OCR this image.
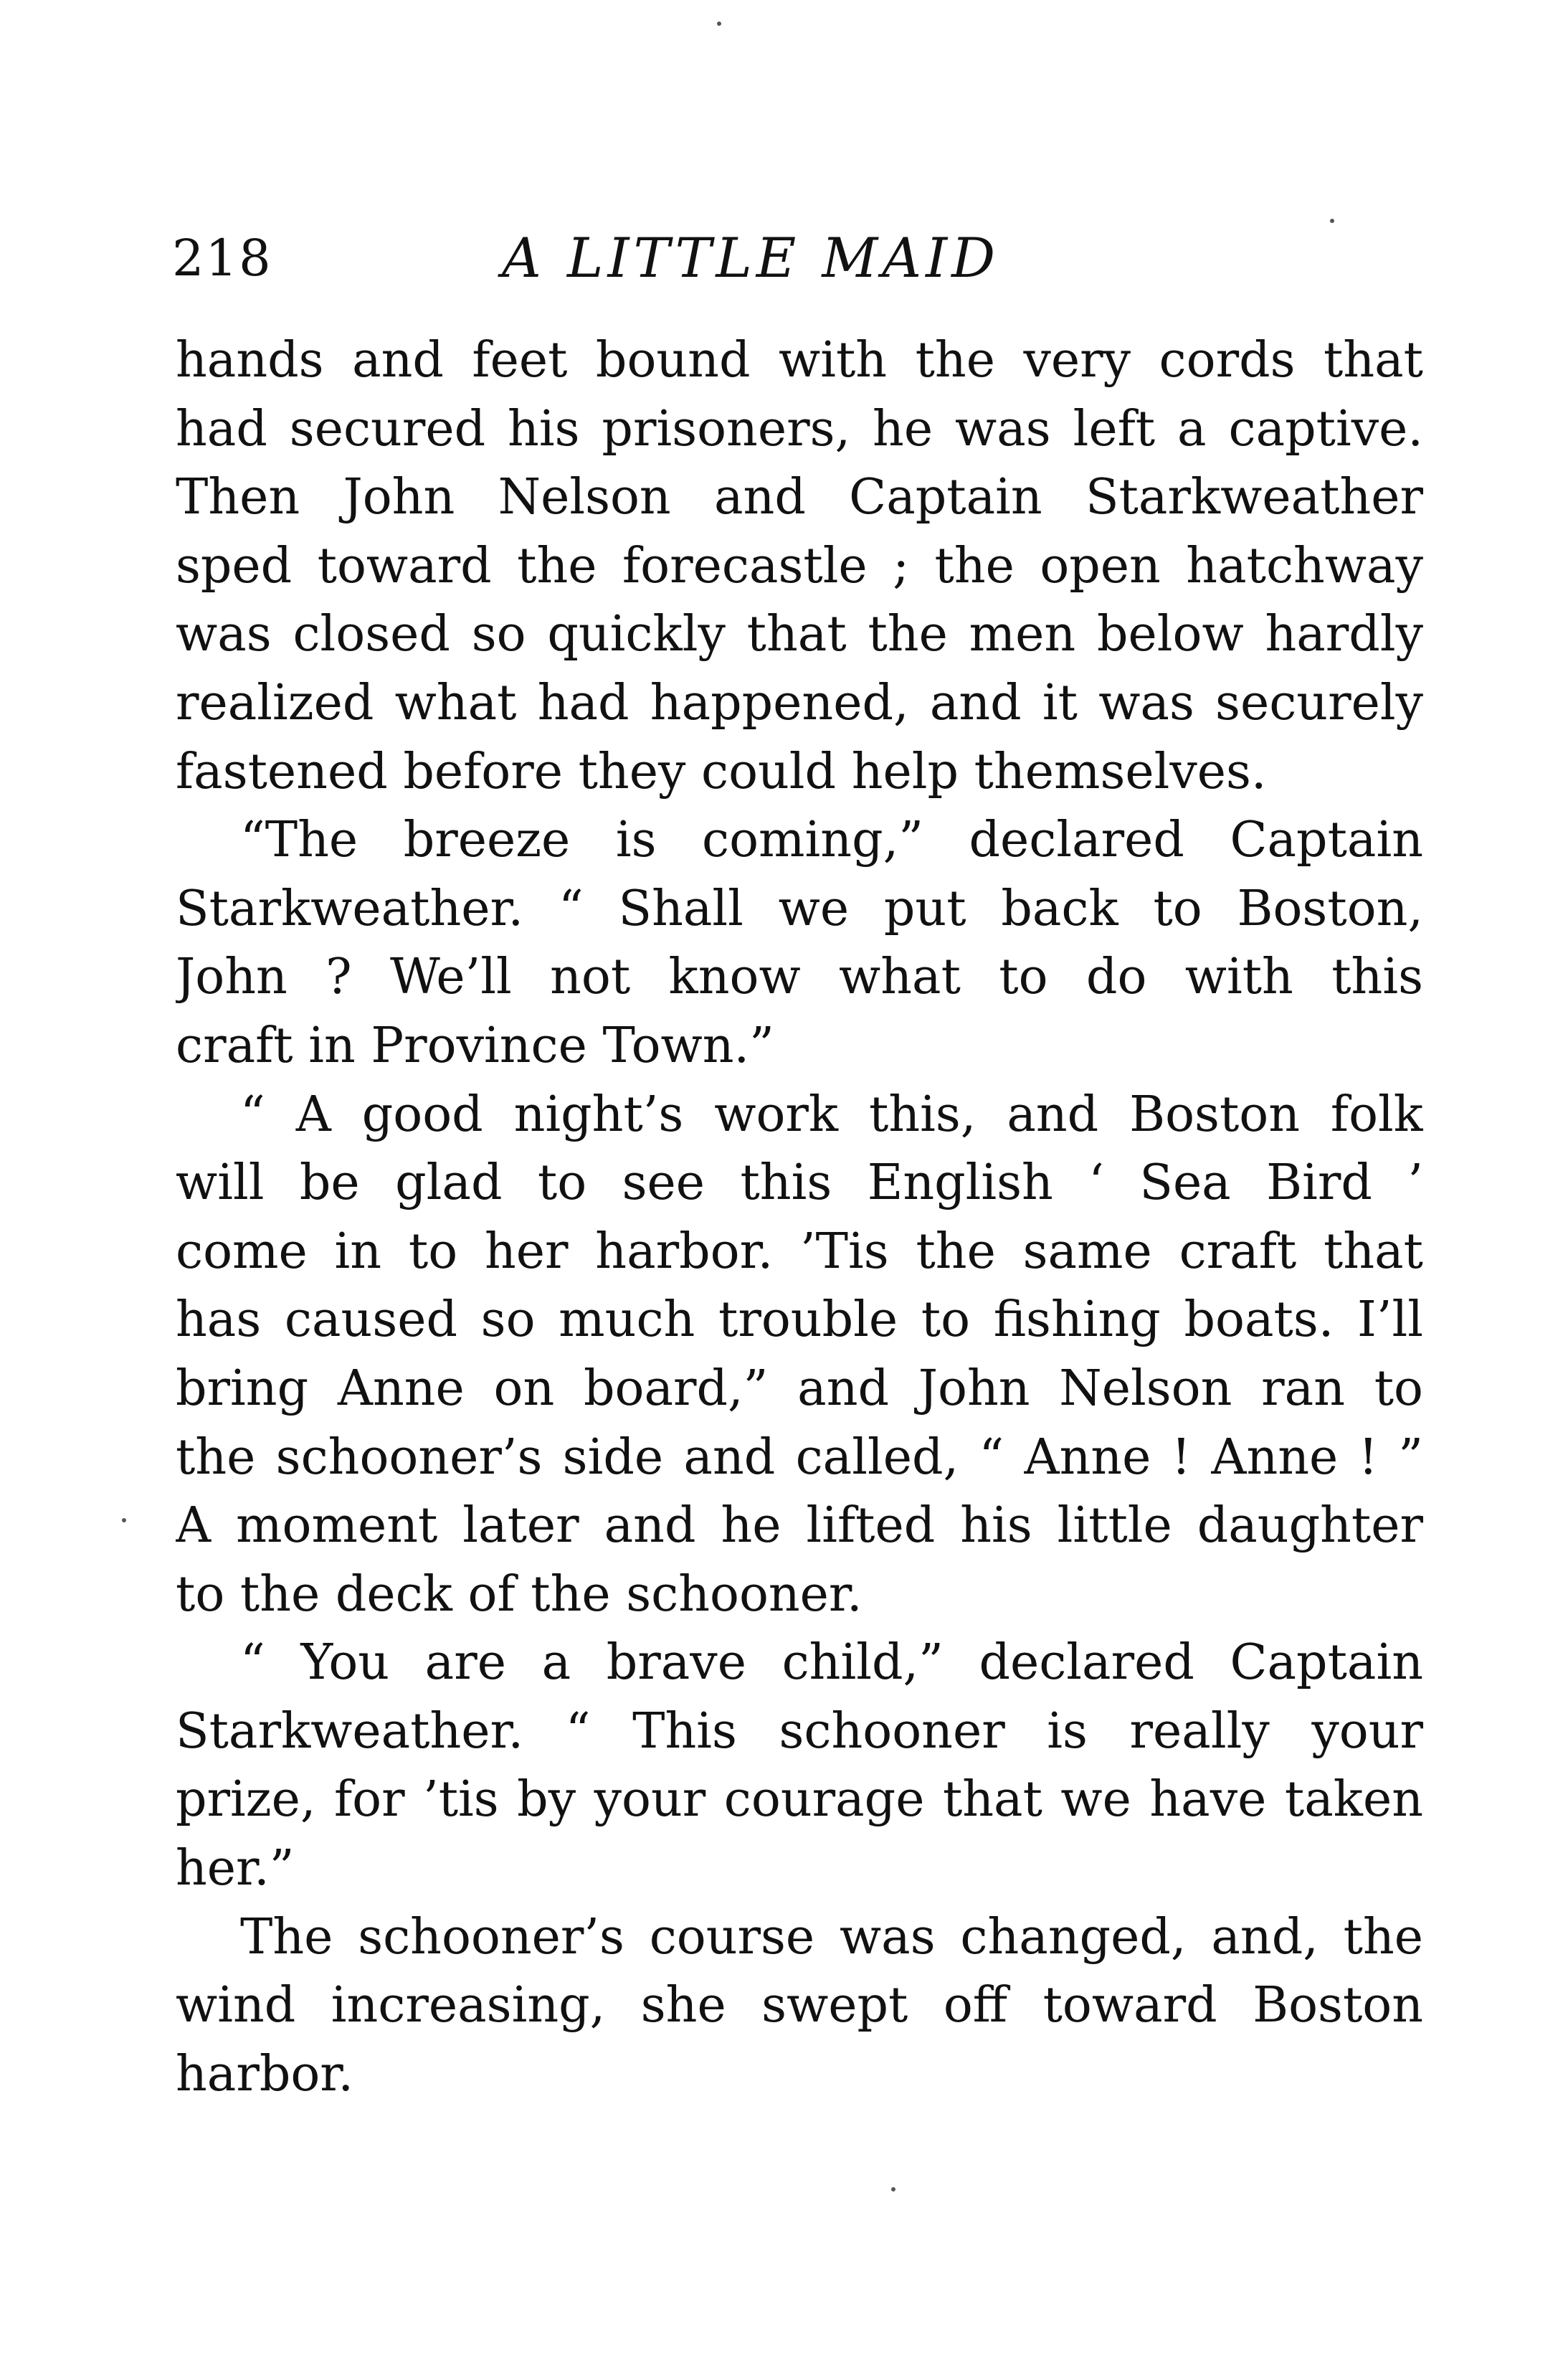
218	A LITTLE MAID
hands and feet bound with the very cords that
had secured his prisoners, he was left a captive.
Then John Nelson and Captain Starkweather
sped toward the forecastle ; the open hatchway
was closed so quickly that the men below hardly
realized what had happened, and it was securely
fastened before they could help themselves.
“The breeze is coming,” declared Captain
Starkweather. “ Shall we put back to Boston,
John ? We’ll not know what to do with this
craft in Province Town.”
“ A good night’s work this, and Boston folk
will be glad to see this English ‘ Sea Bird ’
come in to her harbor. ’Tis the same craft that
has caused so much trouble to fishing boats. I’ll
bring Anne on board,” and John Nelson ran to
the schooner’s side and called, “ Anne ! Anne ! ”
A moment later and he lifted his little daughter
to the deck of the schooner.
“ You are a brave child,” declared Captain
Starkweather. “ This schooner is really your
prize, for ’tis by your courage that we have taken
her.”
The schooner’s course was changed, and, the
wind increasing, she swept off toward Boston
harbor.
